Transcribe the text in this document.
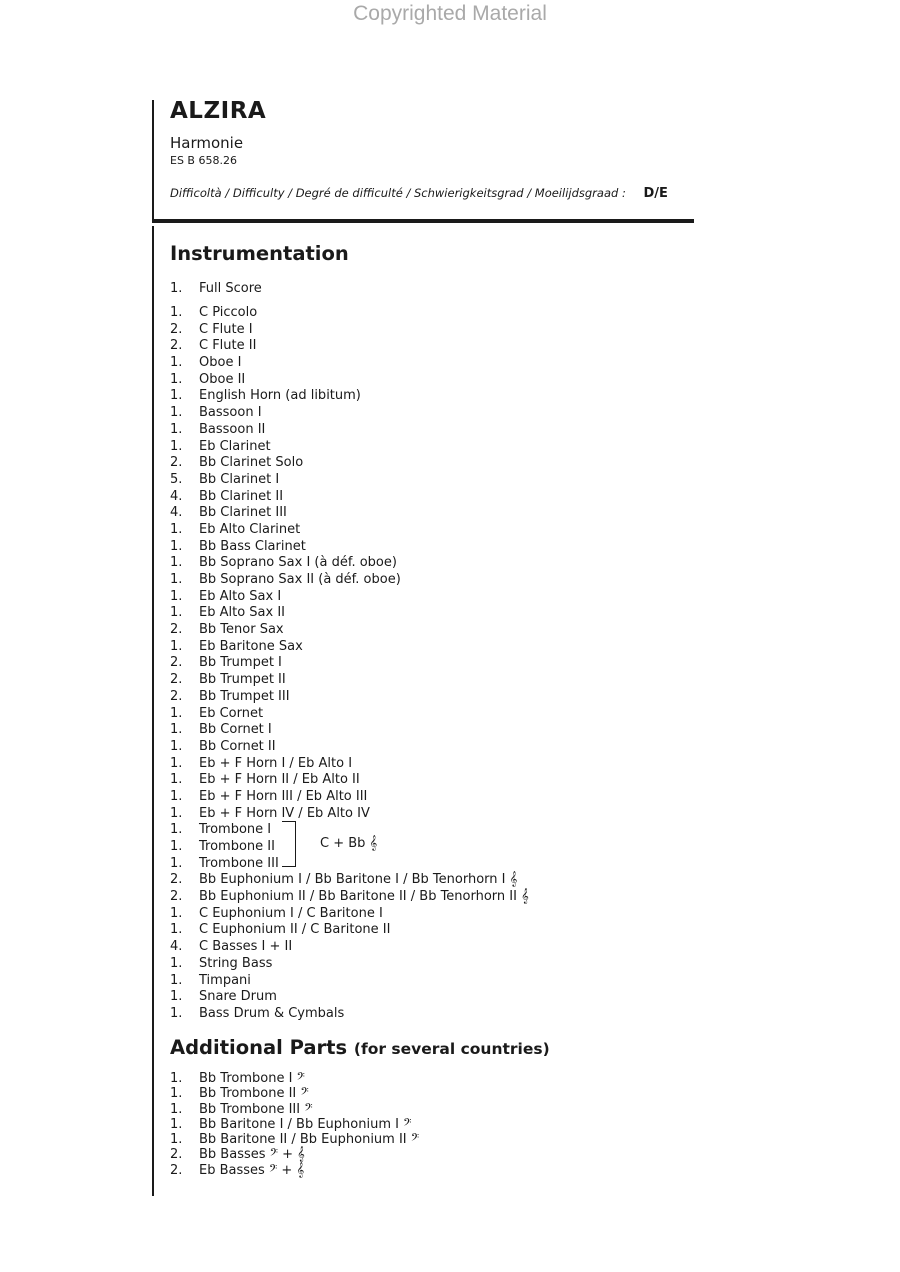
Copyrighted Material
ALZIRA
Harmonie
ES B 658.26
Difficoltà / Difficulty / Degré de difficulté / Schwierigkeitsgrad / Moeilijdsgraad : D/E
Instrumentation
1. Full Score
1. C Piccolo
2. C Flute I
2. C Flute II
1. Oboe I
1. Oboe II
1. English Horn (ad libitum)
1. Bassoon I
1. Bassoon II
1. Eb Clarinet
2. Bb Clarinet Solo
5. Bb Clarinet I
4. Bb Clarinet II
4. Bb Clarinet III
1. Eb Alto Clarinet
1. Bb Bass Clarinet
1. Bb Soprano Sax I (à déf. oboe)
1. Bb Soprano Sax II (à déf. oboe)
1. Eb Alto Sax I
1. Eb Alto Sax II
2. Bb Tenor Sax
1. Eb Baritone Sax
2. Bb Trumpet I
2. Bb Trumpet II
2. Bb Trumpet III
1. Eb Cornet
1. Bb Cornet I
1. Bb Cornet II
1. Eb + F Horn I / Eb Alto I
1. Eb + F Horn II / Eb Alto II
1. Eb + F Horn III / Eb Alto III
1. Eb + F Horn IV / Eb Alto IV
1. Trombone I
1. Trombone II
1. Trombone III
2. Bb Euphonium I / Bb Baritone I / Bb Tenorhorn I 𝄞
2. Bb Euphonium II / Bb Baritone II / Bb Tenorhorn II 𝄞
1. C Euphonium I / C Baritone I
1. C Euphonium II / C Baritone II
4. C Basses I + II
1. String Bass
1. Timpani
1. Snare Drum
1. Bass Drum & Cymbals
C + Bb 𝄞
Additional Parts (for several countries)
1. Bb Trombone I 𝄢
1. Bb Trombone II 𝄢
1. Bb Trombone III 𝄢
1. Bb Baritone I / Bb Euphonium I 𝄢
1. Bb Baritone II / Bb Euphonium II 𝄢
2. Bb Basses 𝄢 + 𝄞
2. Eb Basses 𝄢 + 𝄞
